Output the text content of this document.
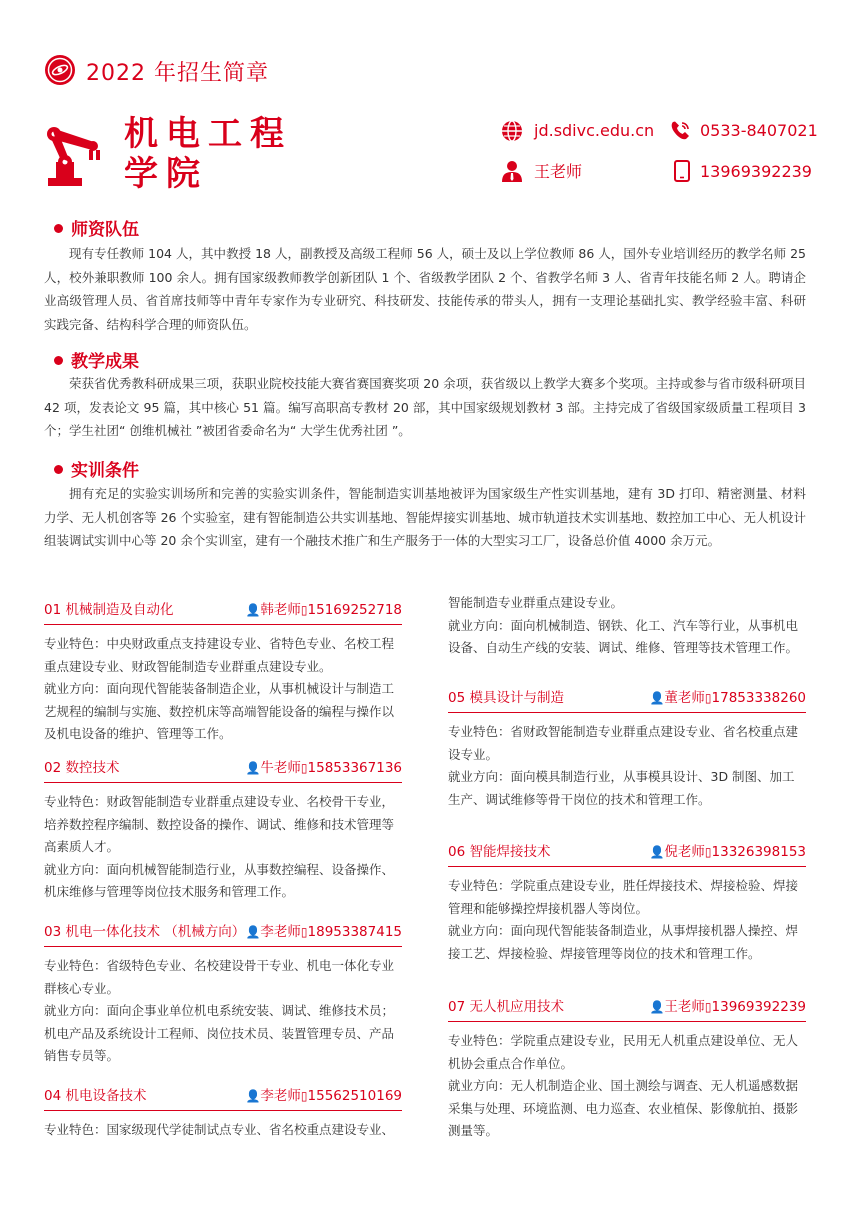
2022 年招生简章
机电工程
学院
jd.sdivc.edu.cn	0533-8407021
王老师	13969392239
师资队伍

现有专任教师 104 人，其中教授 18 人，副教授及高级工程师 56 人，硕士及以上学位教师 86 人，国外专业培训经历的教学名师 25 人，校外兼职教师 100 余人。拥有国家级教师教学创新团队 1 个、省级教学团队 2 个、省教学名师 3 人、省青年技能名师 2 人。聘请企业高级管理人员、省首席技师等中青年专家作为专业研究、科技研发、技能传承的带头人，拥有一支理论基础扎实、教学经验丰富、科研实践完备、结构科学合理的师资队伍。

教学成果

荣获省优秀教科研成果三项，获职业院校技能大赛省赛国赛奖项 20 余项，获省级以上教学大赛多个奖项。主持或参与省市级科研项目 42 项，发表论文 95 篇，其中核心 51 篇。编写高职高专教材 20 部，其中国家级规划教材 3 部。主持完成了省级国家级质量工程项目 3 个；学生社团“ 创维机械社 ”被团省委命名为“ 大学生优秀社团 ”。

实训条件

拥有充足的实验实训场所和完善的实验实训条件，智能制造实训基地被评为国家级生产性实训基地，建有 3D 打印、精密测量、材料力学、无人机创客等 26 个实验室，建有智能制造公共实训基地、智能焊接实训基地、城市轨道技术实训基地、数控加工中心、无人机设计组装调试实训中心等 20 余个实训室，建有一个融技术推广和生产服务于一体的大型实习工厂，设备总价值 4000 余万元。

01 机械制造及自动化	👤韩老师▯15169252718

专业特色：中央财政重点支持建设专业、省特色专业、名校工程重点建设专业、财政智能制造专业群重点建设专业。

就业方向：面向现代智能装备制造企业，从事机械设计与制造工艺规程的编制与实施、数控机床等高端智能设备的编程与操作以及机电设备的维护、管理等工作。

02 数控技术	👤牛老师▯15853367136

专业特色：财政智能制造专业群重点建设专业、名校骨干专业，培养数控程序编制、数控设备的操作、调试、维修和技术管理等高素质人才。

就业方向：面向机械智能制造行业，从事数控编程、设备操作、机床维修与管理等岗位技术服务和管理工作。

03 机电一体化技术 （机械方向） 👤李老师▯18953387415

专业特色：省级特色专业、名校建设骨干专业、机电一体化专业群核心专业。

就业方向：面向企事业单位机电系统安装、调试、维修技术员；机电产品及系统设计工程师、岗位技术员、装置管理专员、产品销售专员等。

04 机电设备技术	👤李老师▯15562510169

专业特色：国家级现代学徒制试点专业、省名校重点建设专业、

智能制造专业群重点建设专业。

就业方向：面向机械制造、钢铁、化工、汽车等行业，从事机电设备、自动生产线的安装、调试、维修、管理等技术管理工作。

05 模具设计与制造	👤董老师▯17853338260

专业特色：省财政智能制造专业群重点建设专业、省名校重点建设专业。

就业方向：面向模具制造行业，从事模具设计、3D 制图、加工生产、调试维修等骨干岗位的技术和管理工作。

06 智能焊接技术	👤倪老师▯13326398153

专业特色：学院重点建设专业，胜任焊接技术、焊接检验、焊接管理和能够操控焊接机器人等岗位。

就业方向：面向现代智能装备制造业，从事焊接机器人操控、焊接工艺、焊接检验、焊接管理等岗位的技术和管理工作。

07 无人机应用技术	👤王老师▯13969392239

专业特色：学院重点建设专业，民用无人机重点建设单位、无人机协会重点合作单位。

就业方向：无人机制造企业、国土测绘与调查、无人机遥感数据采集与处理、环境监测、电力巡查、农业植保、影像航拍、摄影测量等。
